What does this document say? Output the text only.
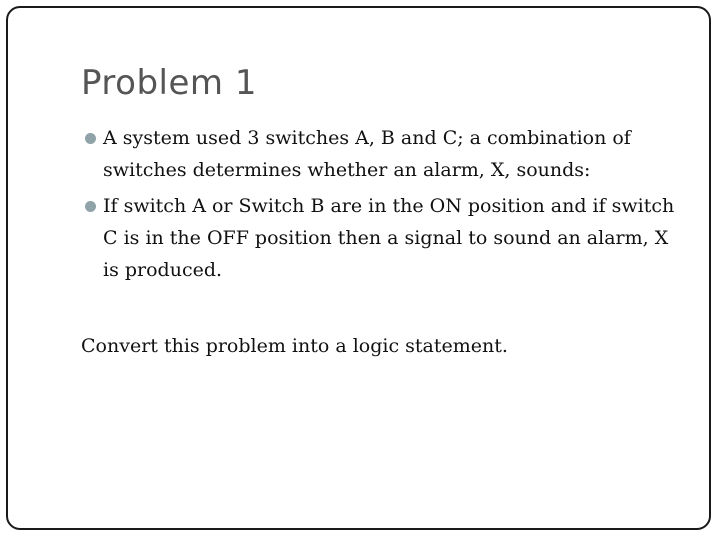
Problem 1
A system used 3 switches A, B and C; a combination of switches determines whether an alarm, X, sounds:
If switch A or Switch B are in the ON position and if switch C is in the OFF position then a signal to sound an alarm, X is produced.

Convert this problem into a logic statement.
